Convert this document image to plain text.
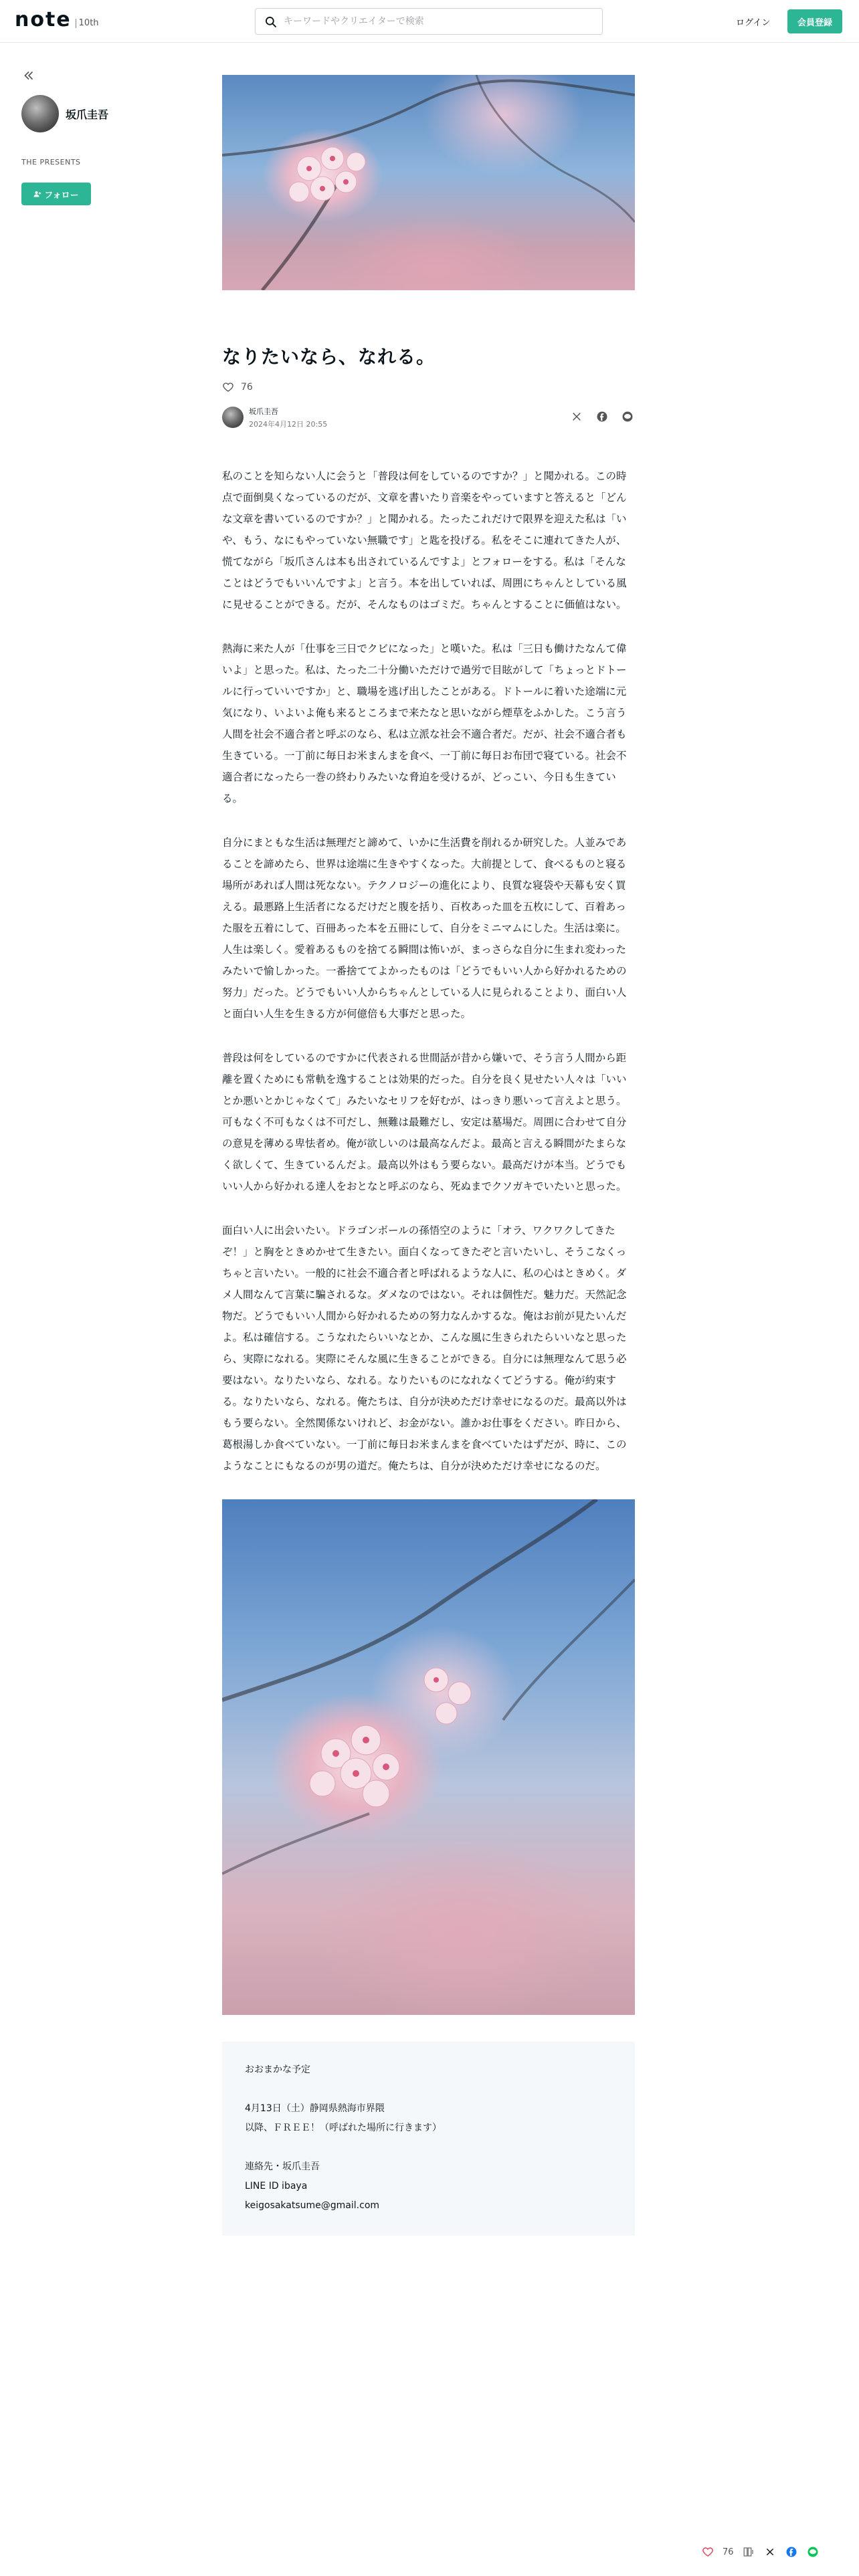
note 10th
キーワードやクリエイターで検索	ログイン	会員登録
坂爪圭吾
THE PRESENTS
フォロー
なりたいなら、なれる。
76
坂爪圭吾
2024年4月12日 20:55

私のことを知らない人に会うと「普段は何をしているのですか？」と聞かれる。この時点で面倒臭くなっているのだが、文章を書いたり音楽をやっていますと答えると「どんな文章を書いているのですか？」と聞かれる。たったこれだけで限界を迎えた私は「いや、もう、なにもやっていない無職です」と匙を投げる。私をそこに連れてきた人が、慌てながら「坂爪さんは本も出されているんですよ」とフォローをする。私は「そんなことはどうでもいいんですよ」と言う。本を出していれば、周囲にちゃんとしている風に見せることができる。だが、そんなものはゴミだ。ちゃんとすることに価値はない。

熱海に来た人が「仕事を三日でクビになった」と嘆いた。私は「三日も働けたなんて偉いよ」と思った。私は、たった二十分働いただけで過労で目眩がして「ちょっとドトールに行っていいですか」と、職場を逃げ出したことがある。ドトールに着いた途端に元気になり、いよいよ俺も来るところまで来たなと思いながら煙草をふかした。こう言う人間を社会不適合者と呼ぶのなら、私は立派な社会不適合者だ。だが、社会不適合者も生きている。一丁前に毎日お米まんまを食べ、一丁前に毎日お布団で寝ている。社会不適合者になったら一巻の終わりみたいな脅迫を受けるが、どっこい、今日も生きている。

自分にまともな生活は無理だと諦めて、いかに生活費を削れるか研究した。人並みであることを諦めたら、世界は途端に生きやすくなった。大前提として、食べるものと寝る場所があれば人間は死なない。テクノロジーの進化により、良質な寝袋や天幕も安く買える。最悪路上生活者になるだけだと腹を括り、百枚あった皿を五枚にして、百着あった服を五着にして、百冊あった本を五冊にして、自分をミニマムにした。生活は楽に。人生は楽しく。愛着あるものを捨てる瞬間は怖いが、まっさらな自分に生まれ変わったみたいで愉しかった。一番捨ててよかったものは「どうでもいい人から好かれるための努力」だった。どうでもいい人からちゃんとしている人に見られることより、面白い人と面白い人生を生きる方が何億倍も大事だと思った。

普段は何をしているのですかに代表される世間話が昔から嫌いで、そう言う人間から距離を置くためにも常軌を逸することは効果的だった。自分を良く見せたい人々は「いいとか悪いとかじゃなくて」みたいなセリフを好むが、はっきり悪いって言えよと思う。可もなく不可もなくは不可だし、無難は最難だし、安定は墓場だ。周囲に合わせて自分の意見を薄める卑怯者め。俺が欲しいのは最高なんだよ。最高と言える瞬間がたまらなく欲しくて、生きているんだよ。最高以外はもう要らない。最高だけが本当。どうでもいい人から好かれる達人をおとなと呼ぶのなら、死ぬまでクソガキでいたいと思った。

面白い人に出会いたい。ドラゴンボールの孫悟空のように「オラ、ワクワクしてきたぞ！」と胸をときめかせて生きたい。面白くなってきたぞと言いたいし、そうこなくっちゃと言いたい。一般的に社会不適合者と呼ばれるような人に、私の心はときめく。ダメ人間なんて言葉に騙されるな。ダメなのではない。それは個性だ。魅力だ。天然記念物だ。どうでもいい人間から好かれるための努力なんかするな。俺はお前が見たいんだよ。私は確信する。こうなれたらいいなとか、こんな風に生きられたらいいなと思ったら、実際になれる。実際にそんな風に生きることができる。自分には無理なんて思う必要はない。なりたいなら、なれる。なりたいものになれなくてどうする。俺が約束する。なりたいなら、なれる。俺たちは、自分が決めただけ幸せになるのだ。最高以外はもう要らない。全然関係ないけれど、お金がない。誰かお仕事をください。昨日から、葛根湯しか食べていない。一丁前に毎日お米まんまを食べていたはずだが、時に、このようなことにもなるのが男の道だ。俺たちは、自分が決めただけ幸せになるのだ。

おおまかな予定
4月13日（土）静岡県熱海市界隈
以降、ＦＲＥＥ！（呼ばれた場所に行きます）
連絡先・坂爪圭吾
LINE ID ibaya
keigosakatsume@gmail.com
76
